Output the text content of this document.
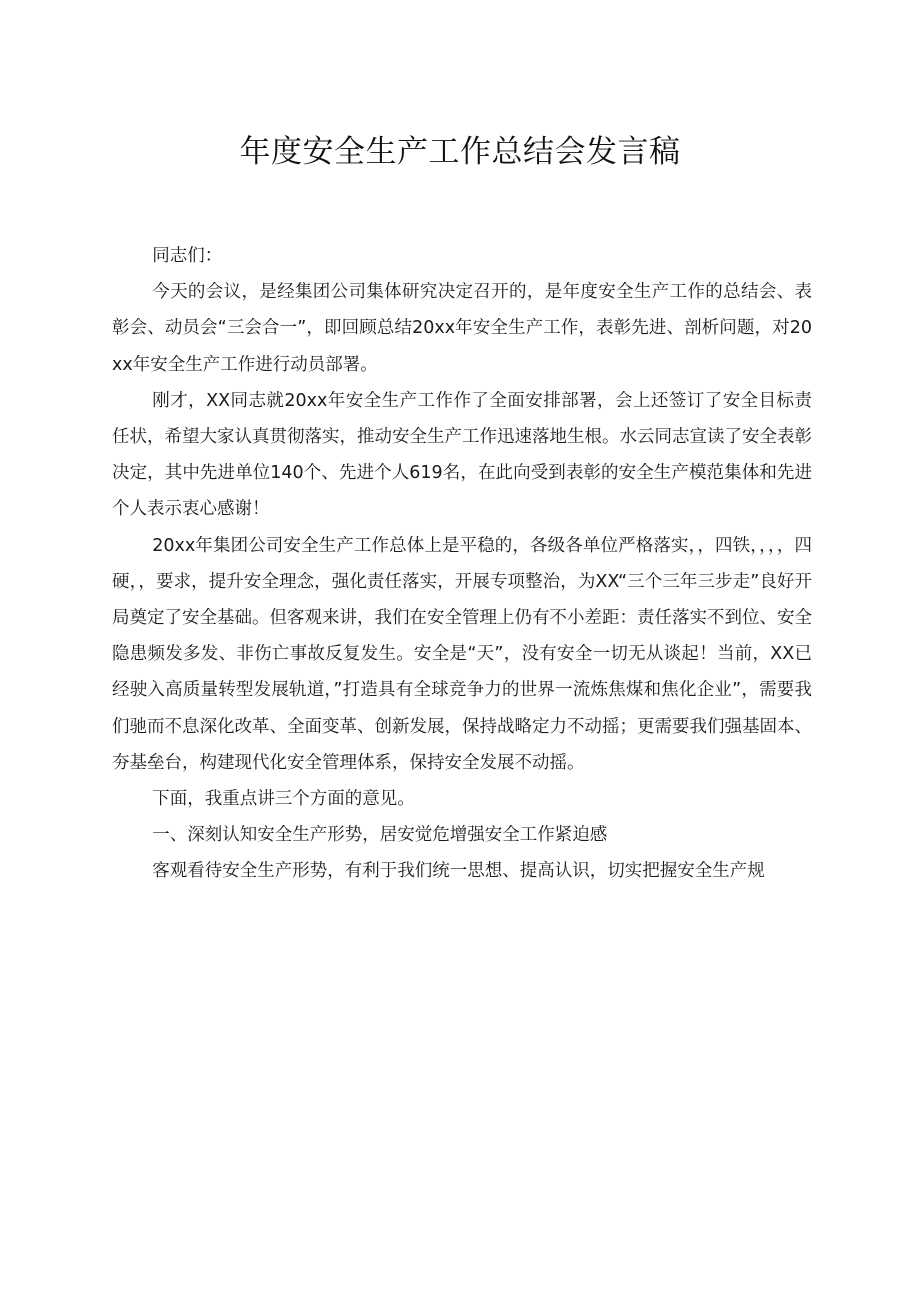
年度安全生产工作总结会发言稿

同志们：

今天的会议，是经集团公司集体研究决定召开的，是年度安全生产工作的总结会、表彰会、动员会“三会合一”，即回顾总结20xx年安全生产工作，表彰先进、剖析问题，对20xx年安全生产工作进行动员部署。

刚才，XX同志就20xx年安全生产工作作了全面安排部署，会上还签订了安全目标责任状，希望大家认真贯彻落实，推动安全生产工作迅速落地生根。水云同志宣读了安全表彰决定，其中先进单位140个、先进个人619名，在此向受到表彰的安全生产模范集体和先进个人表示衷心感谢！

20xx年集团公司安全生产工作总体上是平稳的，各级各单位严格落实，，四铁，，，，四硬，，要求，提升安全理念，强化责任落实，开展专项整治，为XX“三个三年三步走”良好开局奠定了安全基础。但客观来讲，我们在安全管理上仍有不小差距：责任落实不到位、安全隐患频发多发、非伤亡事故反复发生。安全是“天”，没有安全一切无从谈起！当前，XX已经驶入高质量转型发展轨道，”打造具有全球竞争力的世界一流炼焦煤和焦化企业”，需要我们驰而不息深化改革、全面变革、创新发展，保持战略定力不动摇；更需要我们强基固本、夯基垒台，构建现代化安全管理体系，保持安全发展不动摇。

下面，我重点讲三个方面的意见。

一、深刻认知安全生产形势，居安觉危增强安全工作紧迫感

客观看待安全生产形势，有利于我们统一思想、提高认识，切实把握安全生产规
